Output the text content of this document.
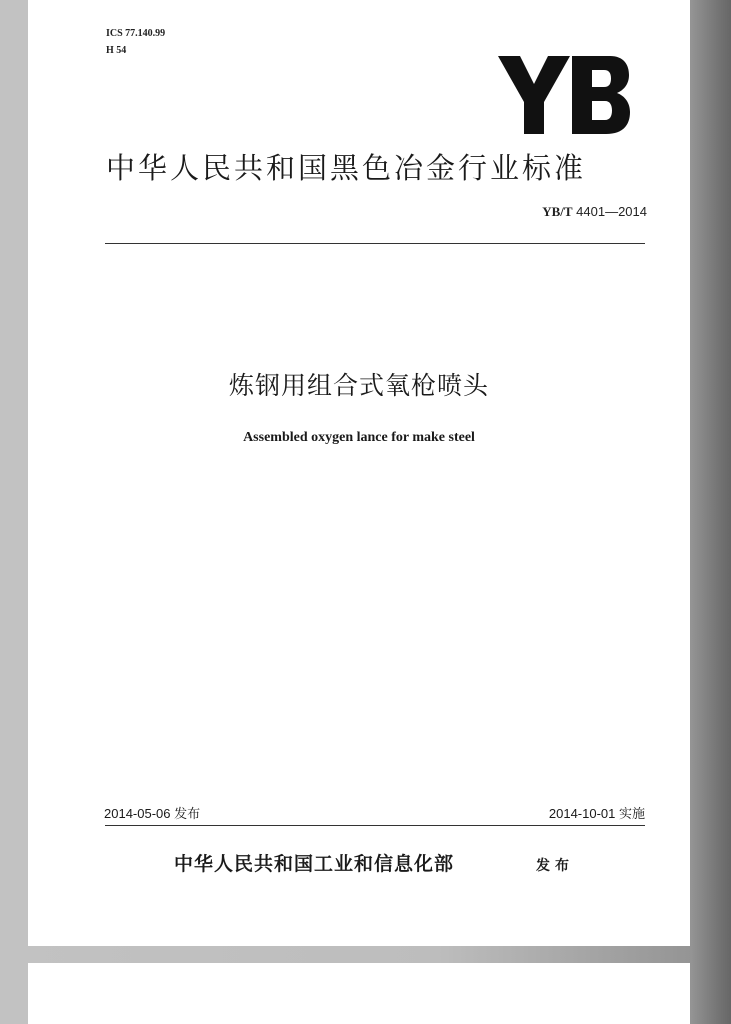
ICS 77.140.99
H 54
中华人民共和国黑色冶金行业标准
YB/T 4401—2014
炼钢用组合式氧枪喷头
Assembled oxygen lance for make steel
2014-05-06 发布	2014-10-01 实施
中华人民共和国工业和信息化部	发布
